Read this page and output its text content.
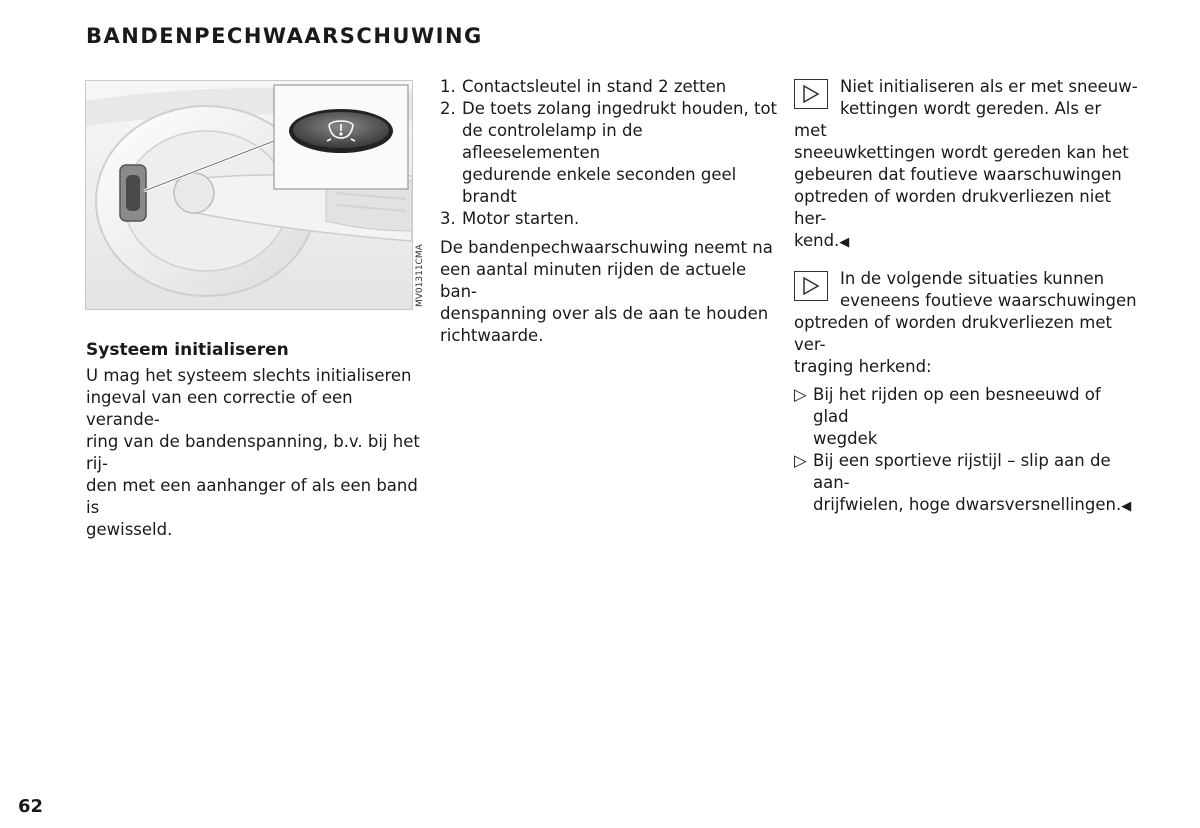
BANDENPECHWAARSCHUWING
MV01311CMA
Systeem initialiseren

U mag het systeem slechts initialiseren
ingeval van een correctie of een verande-
ring van de bandenspanning, b.v. bij het rij-
den met een aanhanger of als een band is
gewisseld.

1. Contactsleutel in stand 2 zetten
2. De toets zolang ingedrukt houden, tot
de controlelamp in de afleeselementen
gedurende enkele seconden geel brandt
3. Motor starten.

De bandenpechwaarschuwing neemt na
een aantal minuten rijden de actuele ban-
denspanning over als de aan te houden
richtwaarde.

Niet initialiseren als er met sneeuw-
kettingen wordt gereden. Als er met
sneeuwkettingen wordt gereden kan het
gebeuren dat foutieve waarschuwingen
optreden of worden drukverliezen niet her-
kend.◀
In de volgende situaties kunnen
eveneens foutieve waarschuwingen
optreden of worden drukverliezen met ver-
traging herkend:
▷ Bij het rijden op een besneeuwd of glad
wegdek
▷ Bij een sportieve rijstijl – slip aan de aan-
drijfwielen, hoge dwarsversnellingen.◀
62
